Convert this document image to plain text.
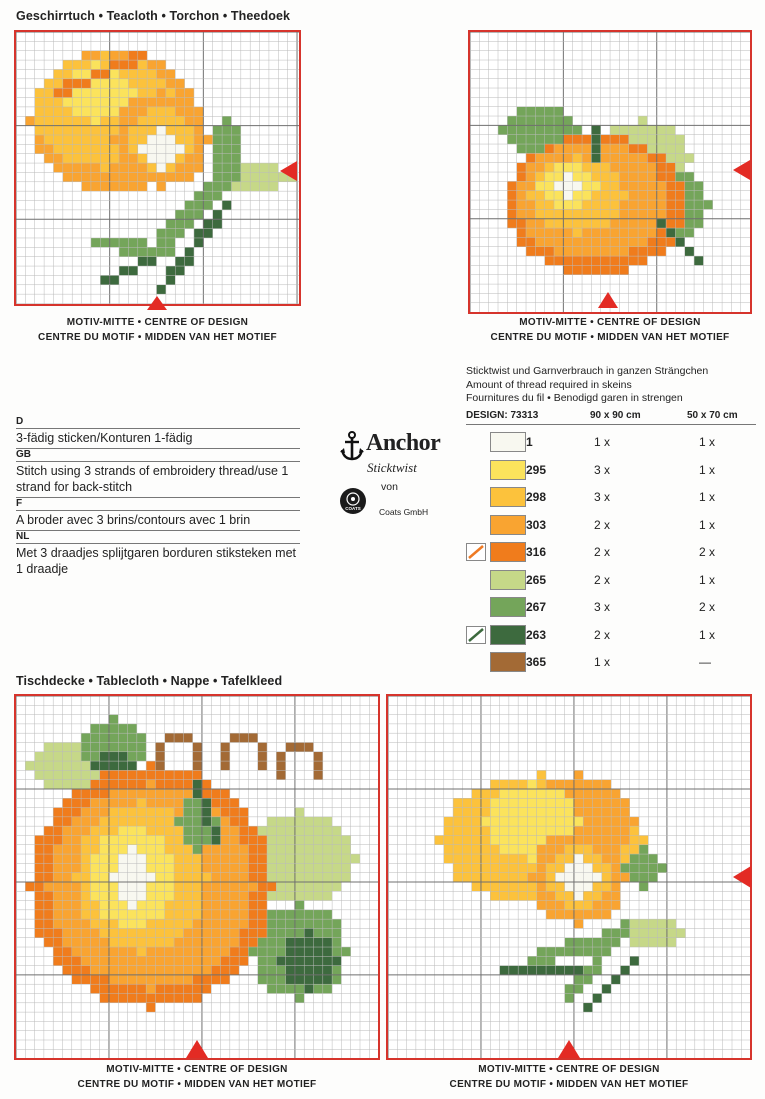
Geschirrtuch • Teacloth • Torchon • Theedoek
MOTIV-MITTE • CENTRE OF DESIGN
CENTRE DU MOTIF • MIDDEN VAN HET MOTIEF
MOTIV-MITTE • CENTRE OF DESIGN
CENTRE DU MOTIF • MIDDEN VAN HET MOTIEF
D
3-fädig sticken/Konturen 1-fädig
GB
Stitch using 3 strands of embroidery thread/use 1 strand for back-stitch
F
A broder avec 3 brins/contours avec 1 brin
NL
Met 3 draadjes splijtgaren borduren stiksteken met 1 draadje
Anchor
Sticktwist
von
COATS	Coats GmbH
Sticktwist und Garnverbrauch in ganzen Strängchen
Amount of thread required in skeins
Fournitures du fil • Benodigd garen in strengen
DESIGN: 73313	90 x 90 cm	50 x 70 cm
1	1 x	1 x
295	3 x	1 x
298	3 x	1 x
303	2 x	1 x
316	2 x	2 x
265	2 x	1 x
267	3 x	2 x
263	2 x	1 x
365	1 x	—
Tischdecke • Tablecloth • Nappe • Tafelkleed
MOTIV-MITTE • CENTRE OF DESIGN
CENTRE DU MOTIF • MIDDEN VAN HET MOTIEF
MOTIV-MITTE • CENTRE OF DESIGN
CENTRE DU MOTIF • MIDDEN VAN HET MOTIEF
